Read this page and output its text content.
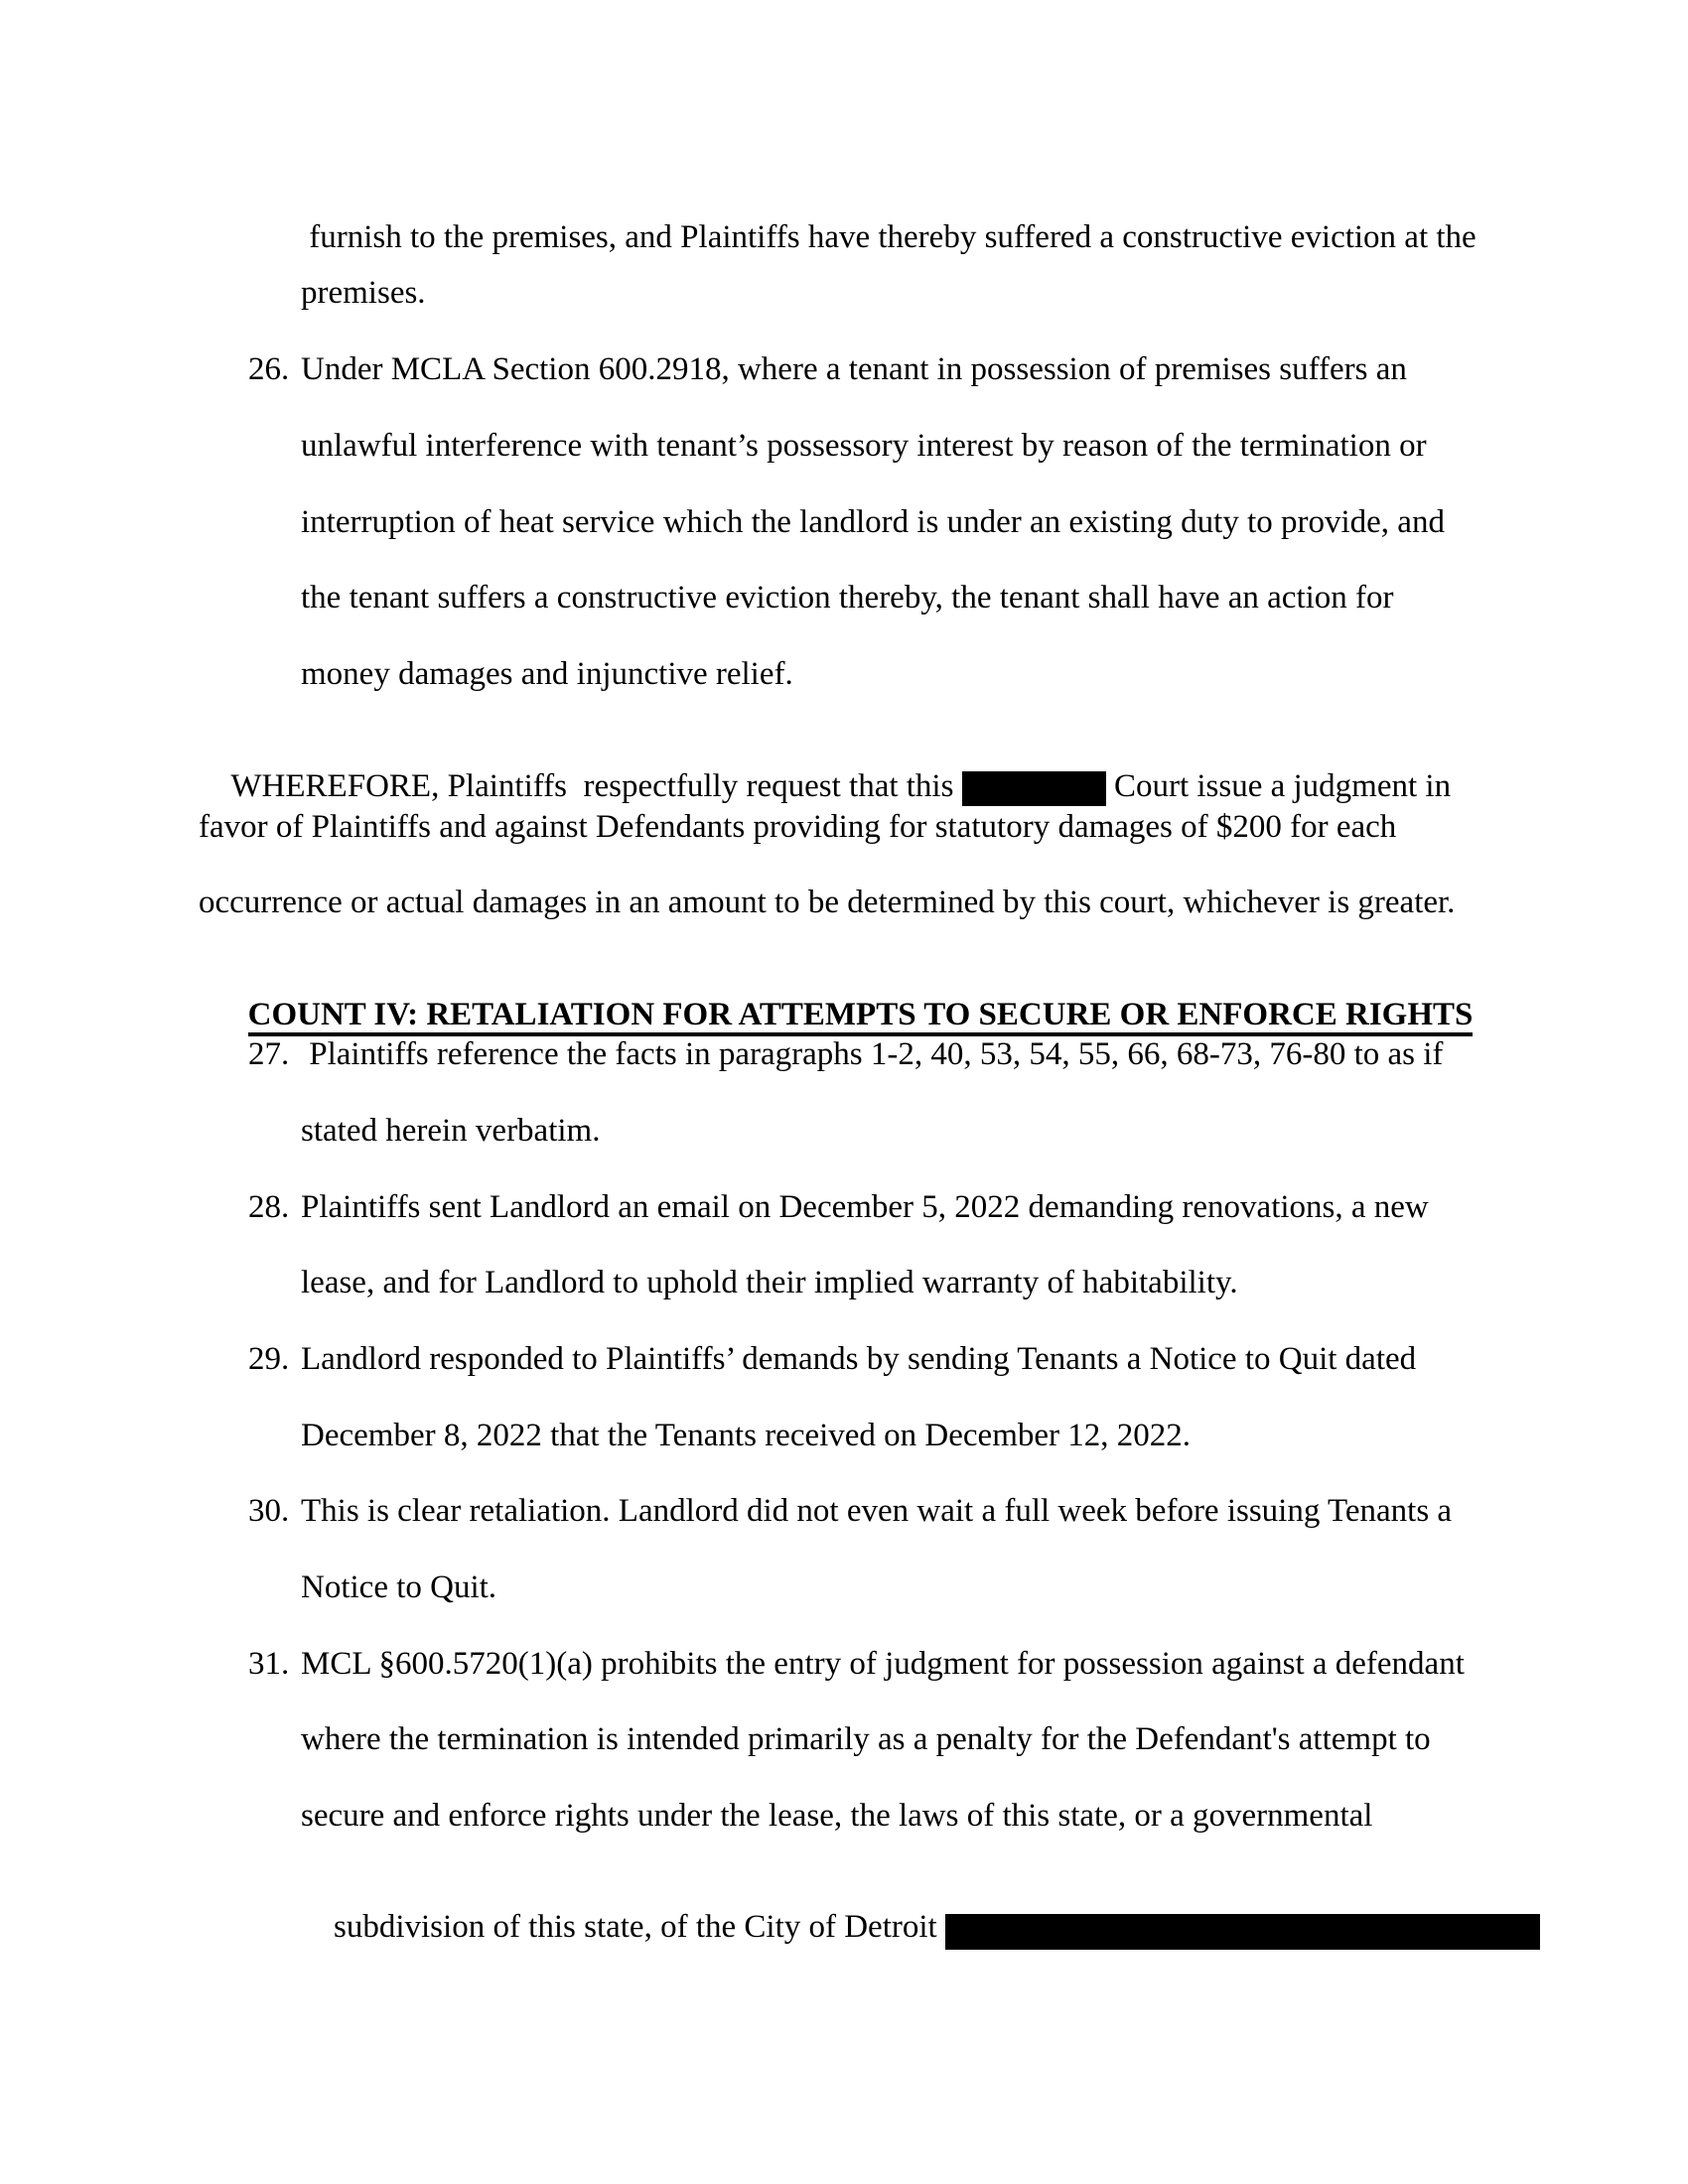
furnish to the premises, and Plaintiffs have thereby suffered a constructive eviction at the
premises.
26. Under MCLA Section 600.2918, where a tenant in possession of premises suffers an
unlawful interference with tenant’s possessory interest by reason of the termination or
interruption of heat service which the landlord is under an existing duty to provide, and
the tenant suffers a constructive eviction thereby, the tenant shall have an action for
money damages and injunctive relief.

WHEREFORE, Plaintiffs  respectfully request that this	Court issue a judgment in

favor of Plaintiffs and against Defendants providing for statutory damages of $200 for each
occurrence or actual damages in an amount to be determined by this court, whichever is greater.

COUNT IV: RETALIATION FOR ATTEMPTS TO SECURE OR ENFORCE RIGHTS

27. Plaintiffs reference the facts in paragraphs 1-2, 40, 53, 54, 55, 66, 68-73, 76-80 to as if
stated herein verbatim.
28. Plaintiffs sent Landlord an email on December 5, 2022 demanding renovations, a new
lease, and for Landlord to uphold their implied warranty of habitability.
29. Landlord responded to Plaintiffs’ demands by sending Tenants a Notice to Quit dated
December 8, 2022 that the Tenants received on December 12, 2022.
30. This is clear retaliation. Landlord did not even wait a full week before issuing Tenants a
Notice to Quit.
31. MCL §600.5720(1)(a) prohibits the entry of judgment for possession against a defendant
where the termination is intended primarily as a penalty for the Defendant's attempt to
secure and enforce rights under the lease, the laws of this state, or a governmental

subdivision of this state, of the City of Detroit
